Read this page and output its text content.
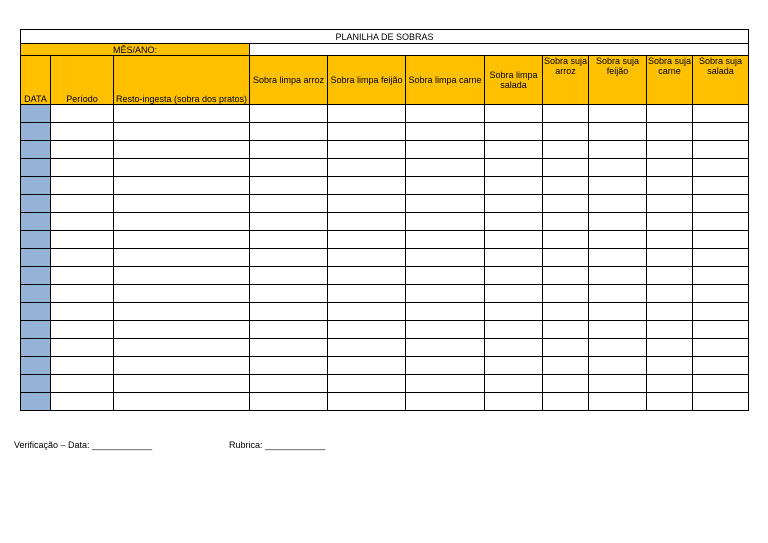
PLANILHA DE SOBRAS										
MÊS/ANO:										
DATA	Período	Resto-ingesta (sobra dos pratos)	Sobra limpa arroz	Sobra limpa feijão	Sobra limpa carne	Sobra limpa salada	Sobra suja arroz	Sobra suja feijão	Sobra suja carne	Sobra suja salada

Verificação – Data: ____________	Rubrica: ____________
